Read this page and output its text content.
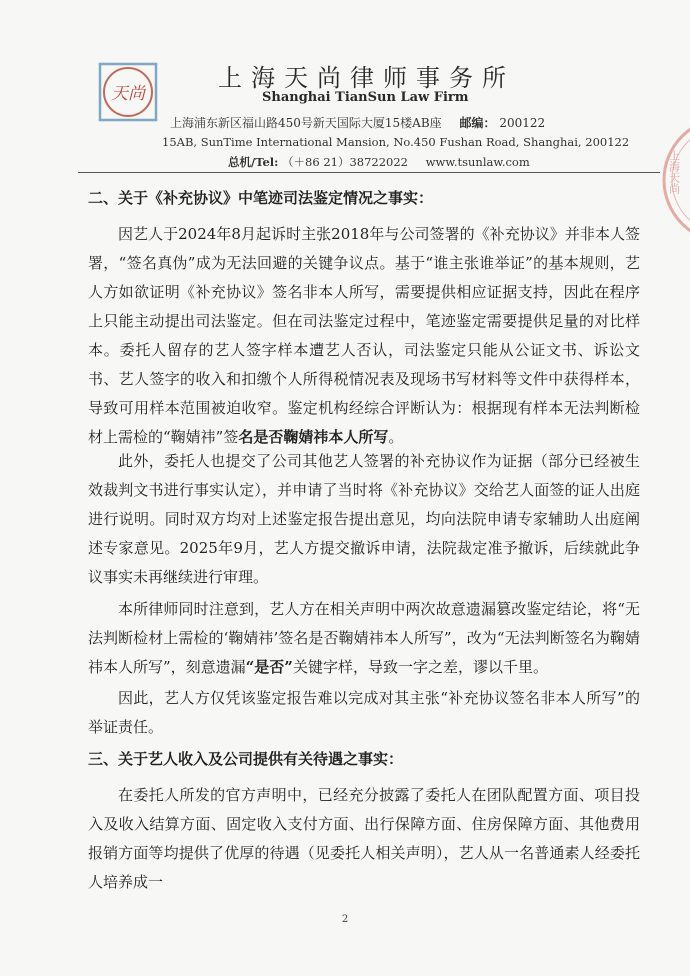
天尚
上海天尚律师事务所
Shanghai TianSun Law Firm
上海浦东新区福山路450号新天国际大厦15楼AB座 邮编： 200122
15AB, SunTime International Mansion, No.450 Fushan Road, Shanghai, 200122
总机/Tel: （＋86 21）38722022 www.tsunlaw.com	上海天尚
二、关于《补充协议》中笔迹司法鉴定情况之事实：
因艺人于2024年8月起诉时主张2018年与公司签署的《补充协议》并非本人签署，“签名真伪”成为无法回避的关键争议点。基于“谁主张谁举证”的基本规则，艺人方如欲证明《补充协议》签名非本人所写，需要提供相应证据支持，因此在程序上只能主动提出司法鉴定。但在司法鉴定过程中，笔迹鉴定需要提供足量的对比样本。委托人留存的艺人签字样本遭艺人否认，司法鉴定只能从公证文书、诉讼文书、艺人签字的收入和扣缴个人所得税情况表及现场书写材料等文件中获得样本，导致可用样本范围被迫收窄。鉴定机构经综合评断认为：根据现有样本无法判断检材上需检的“鞠婧祎”签名是否鞠婧祎本人所写。
此外，委托人也提交了公司其他艺人签署的补充协议作为证据（部分已经被生效裁判文书进行事实认定），并申请了当时将《补充协议》交给艺人面签的证人出庭进行说明。同时双方均对上述鉴定报告提出意见，均向法院申请专家辅助人出庭阐述专家意见。2025年9月，艺人方提交撤诉申请，法院裁定准予撤诉，后续就此争议事实未再继续进行审理。
本所律师同时注意到，艺人方在相关声明中两次故意遗漏篡改鉴定结论，将“无法判断检材上需检的‘鞠婧祎’签名是否鞠婧祎本人所写”，改为“无法判断签名为鞠婧祎本人所写”，刻意遗漏“是否”关键字样，导致一字之差，谬以千里。
因此，艺人方仅凭该鉴定报告难以完成对其主张“补充协议签名非本人所写”的举证责任。
三、关于艺人收入及公司提供有关待遇之事实：
在委托人所发的官方声明中，已经充分披露了委托人在团队配置方面、项目投入及收入结算方面、固定收入支付方面、出行保障方面、住房保障方面、其他费用报销方面等均提供了优厚的待遇（见委托人相关声明），艺人从一名普通素人经委托人培养成一
2
